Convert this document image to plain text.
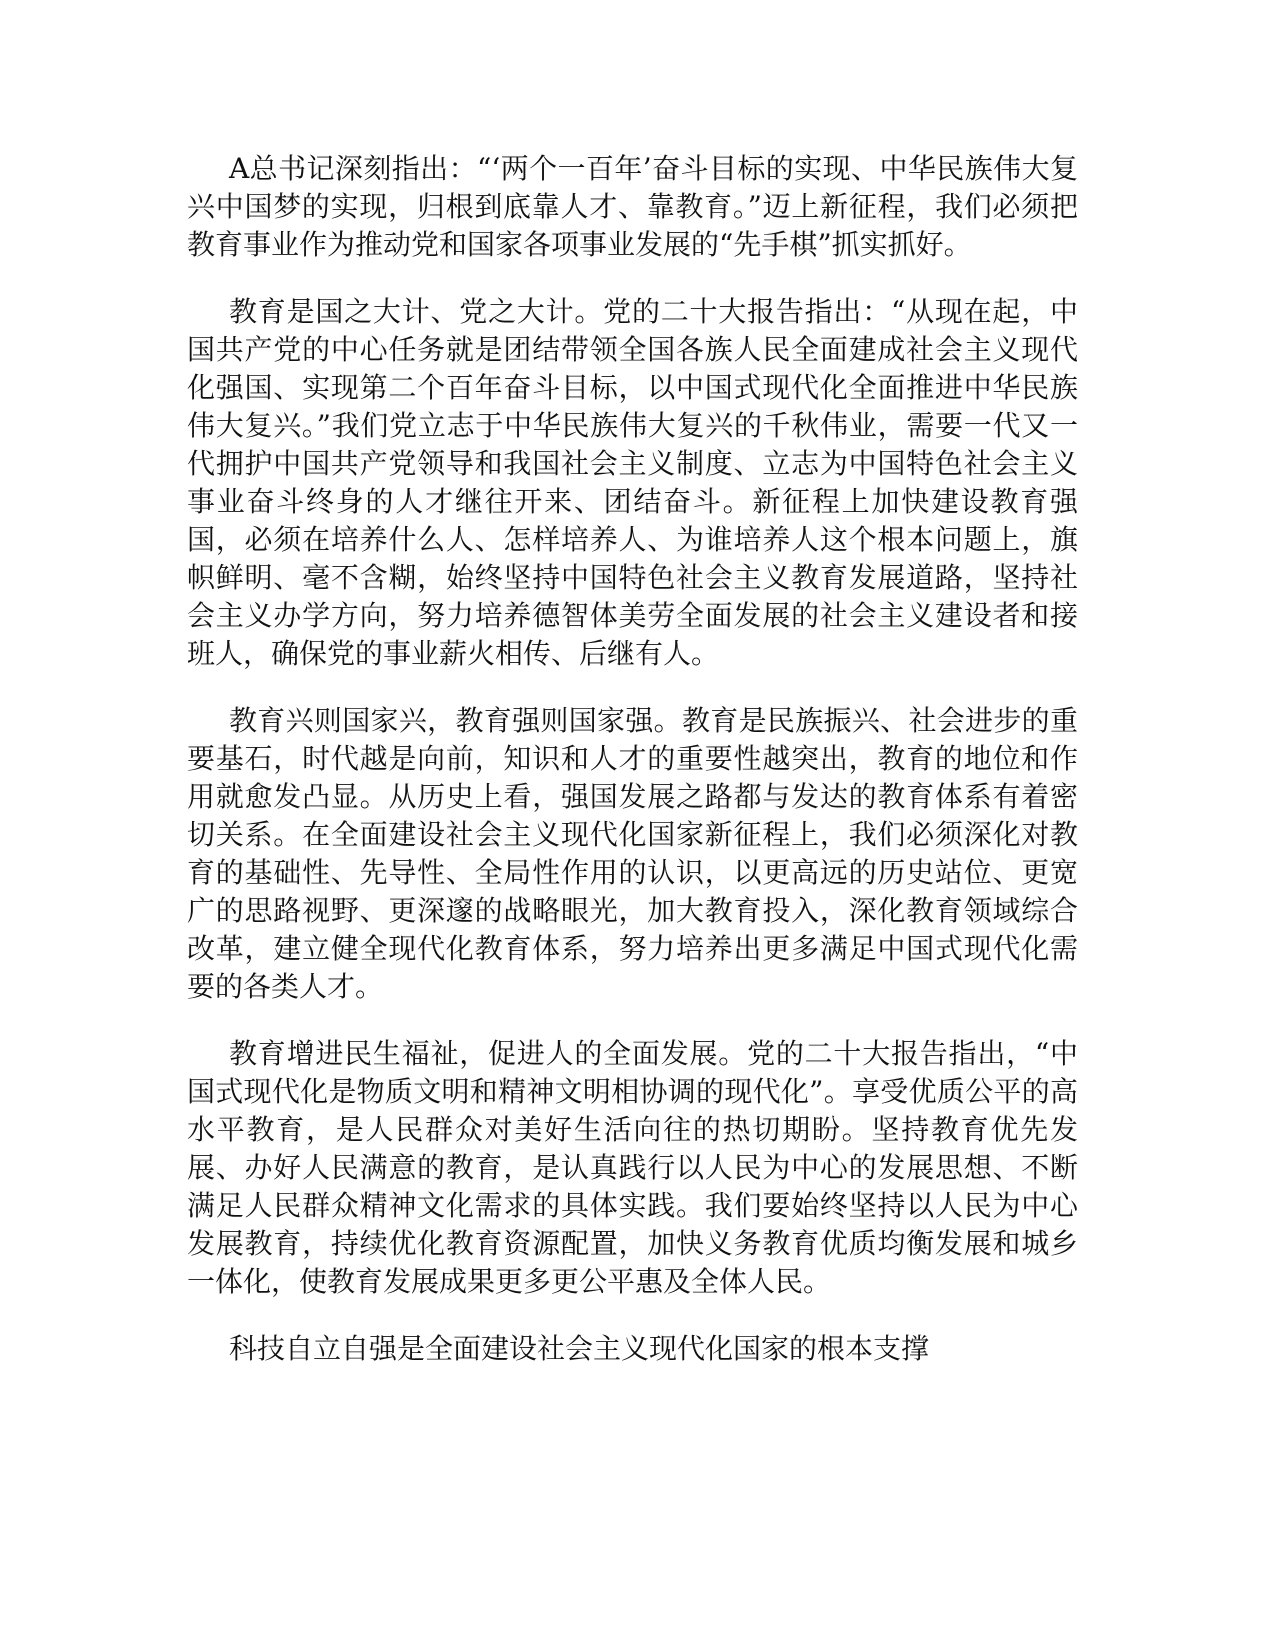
A总书记深刻指出：“‘两个一百年’奋斗目标的实现、中华民族伟大复兴中国梦的实现，归根到底靠人才、靠教育。”迈上新征程，我们必须把教育事业作为推动党和国家各项事业发展的“先手棋”抓实抓好。

教育是国之大计、党之大计。党的二十大报告指出：“从现在起，中国共产党的中心任务就是团结带领全国各族人民全面建成社会主义现代化强国、实现第二个百年奋斗目标，以中国式现代化全面推进中华民族伟大复兴。”我们党立志于中华民族伟大复兴的千秋伟业，需要一代又一代拥护中国共产党领导和我国社会主义制度、立志为中国特色社会主义事业奋斗终身的人才继往开来、团结奋斗。新征程上加快建设教育强国，必须在培养什么人、怎样培养人、为谁培养人这个根本问题上，旗帜鲜明、毫不含糊，始终坚持中国特色社会主义教育发展道路，坚持社会主义办学方向，努力培养德智体美劳全面发展的社会主义建设者和接班人，确保党的事业薪火相传、后继有人。

教育兴则国家兴，教育强则国家强。教育是民族振兴、社会进步的重要基石，时代越是向前，知识和人才的重要性越突出，教育的地位和作用就愈发凸显。从历史上看，强国发展之路都与发达的教育体系有着密切关系。在全面建设社会主义现代化国家新征程上，我们必须深化对教育的基础性、先导性、全局性作用的认识，以更高远的历史站位、更宽广的思路视野、更深邃的战略眼光，加大教育投入，深化教育领域综合改革，建立健全现代化教育体系，努力培养出更多满足中国式现代化需要的各类人才。

教育增进民生福祉，促进人的全面发展。党的二十大报告指出，“中国式现代化是物质文明和精神文明相协调的现代化”。享受优质公平的高水平教育，是人民群众对美好生活向往的热切期盼。坚持教育优先发展、办好人民满意的教育，是认真践行以人民为中心的发展思想、不断满足人民群众精神文化需求的具体实践。我们要始终坚持以人民为中心发展教育，持续优化教育资源配置，加快义务教育优质均衡发展和城乡一体化，使教育发展成果更多更公平惠及全体人民。

科技自立自强是全面建设社会主义现代化国家的根本支撑
